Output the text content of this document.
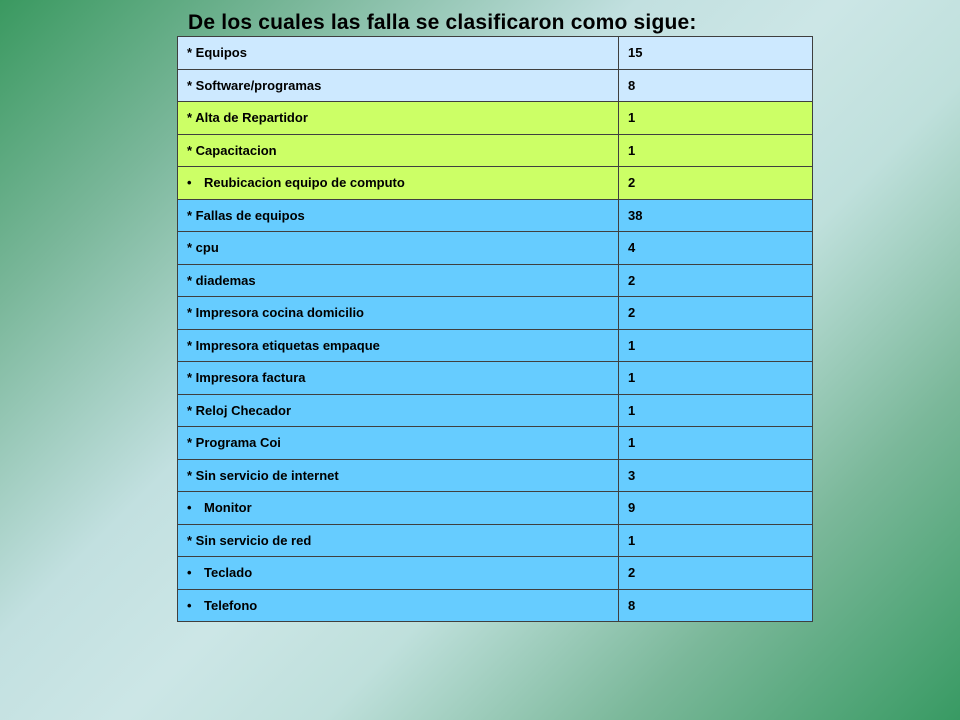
De los cuales las falla se clasificaron como sigue:
* Equipos	15
* Software/programas	8
* Alta de Repartidor	1
* Capacitacion	1
• Reubicacion equipo de computo	2
* Fallas de equipos	38
* cpu	4
* diademas	2
* Impresora cocina domicilio	2
* Impresora etiquetas empaque	1
* Impresora factura	1
* Reloj Checador	1
* Programa Coi	1
* Sin servicio de internet	3
• Monitor	9
* Sin servicio de red	1
• Teclado	2
• Telefono	8
